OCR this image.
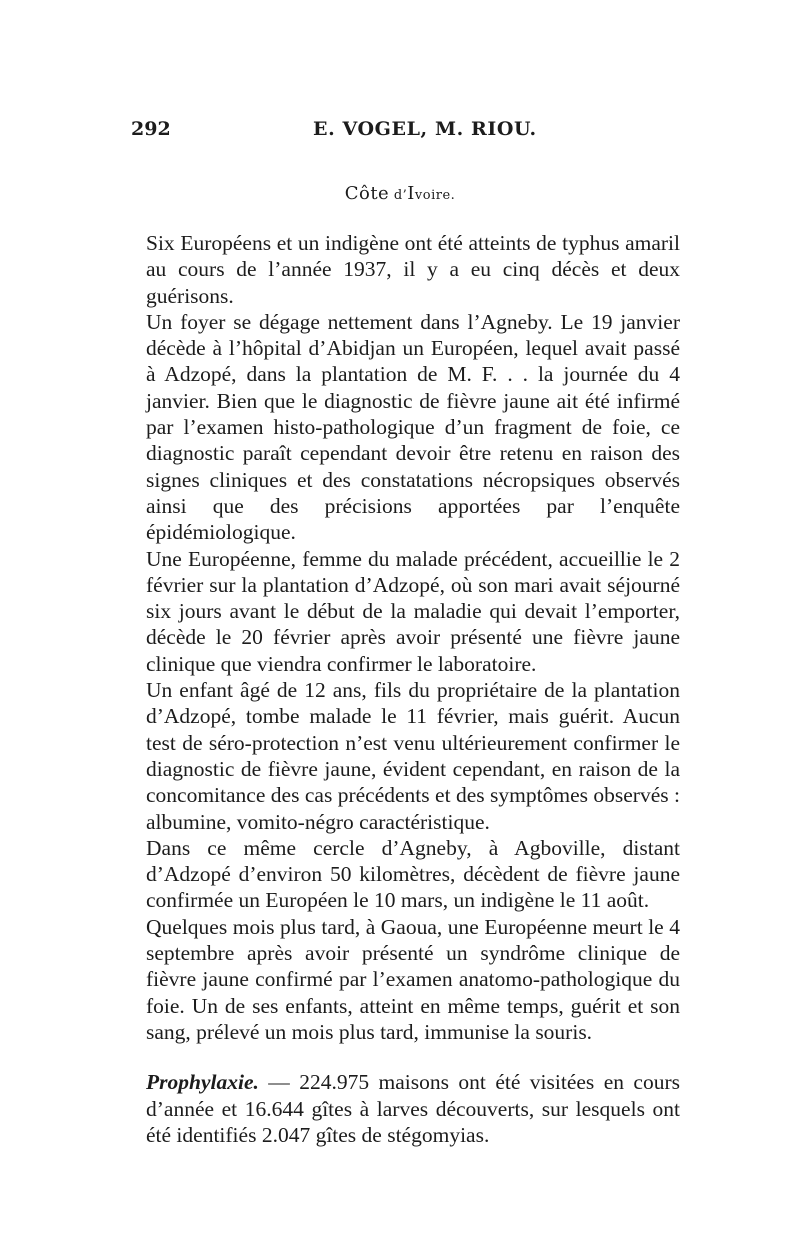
292	E. VOGEL, M. RIOU.
Côte d’Ivoire.

Six Européens et un indigène ont été atteints de typhus amaril au cours de l’année 1937, il y a eu cinq décès et deux guérisons.

Un foyer se dégage nettement dans l’Agneby. Le 19 janvier décède à l’hôpital d’Abidjan un Européen, lequel avait passé à Adzopé, dans la plantation de M. F. . . la journée du 4 janvier. Bien que le diagnostic de fièvre jaune ait été infirmé par l’examen histo-pathologique d’un fragment de foie, ce diagnostic paraît cependant devoir être retenu en raison des signes cliniques et des constatations nécropsiques observés ainsi que des précisions apportées par l’enquête épidémiologique.

Une Européenne, femme du malade précédent, accueillie le 2 février sur la plantation d’Adzopé, où son mari avait séjourné six jours avant le début de la maladie qui devait l’emporter, décède le 20 février après avoir présenté une fièvre jaune clinique que viendra confirmer le laboratoire.

Un enfant âgé de 12 ans, fils du propriétaire de la plantation d’Adzopé, tombe malade le 11 février, mais guérit. Aucun test de séro-protection n’est venu ultérieurement confirmer le diagnostic de fièvre jaune, évident cependant, en raison de la concomitance des cas précédents et des symptômes observés : albumine, vomito-négro caractéristique.

Dans ce même cercle d’Agneby, à Agboville, distant d’Adzopé d’environ 50 kilomètres, décèdent de fièvre jaune confirmée un Européen le 10 mars, un indigène le 11 août.

Quelques mois plus tard, à Gaoua, une Européenne meurt le 4 septembre après avoir présenté un syndrôme clinique de fièvre jaune confirmé par l’examen anatomo-pathologique du foie. Un de ses enfants, atteint en même temps, guérit et son sang, prélevé un mois plus tard, immunise la souris.

Prophylaxie. — 224.975 maisons ont été visitées en cours d’année et 16.644 gîtes à larves découverts, sur lesquels ont été identifiés 2.047 gîtes de stégomyias.
